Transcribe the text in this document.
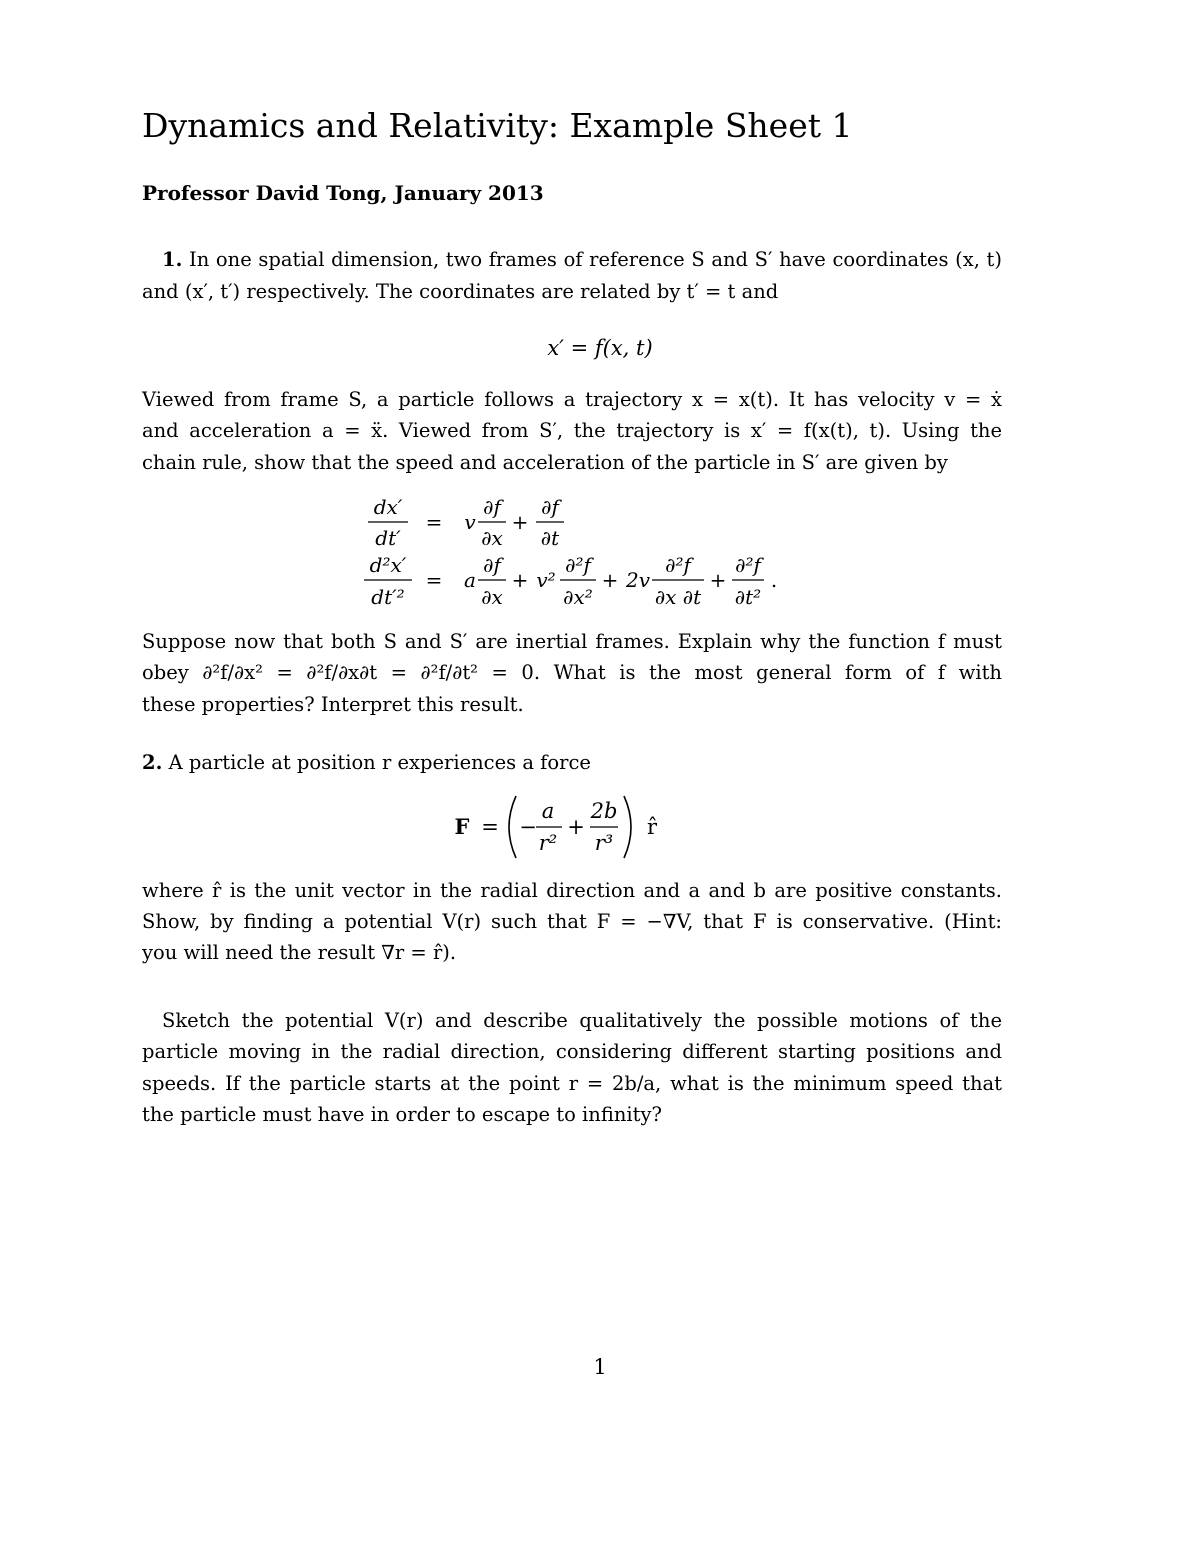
Dynamics and Relativity: Example Sheet 1
Professor David Tong, January 2013
1. In one spatial dimension, two frames of reference S and S′ have coordinates (x, t)
and (x′, t′) respectively. The coordinates are related by t′ = t and
x′ = f(x, t)
Viewed from frame S, a particle follows a trajectory x = x(t). It has velocity v = ẋ
and acceleration a = ẍ. Viewed from S′, the trajectory is x′ = f(x(t), t). Using the
chain rule, show that the speed and acceleration of the particle in S′ are given by
dx′
dt′
= v
∂f
∂x
+
∂f
∂t
d²x′
dt′²
= a
∂f
∂x
+ v²
∂²f
∂x²
+ 2v
∂²f
∂x ∂t
+
∂²f
∂t²
.
Suppose now that both S and S′ are inertial frames. Explain why the function f must
obey ∂²f/∂x² = ∂²f/∂x∂t = ∂²f/∂t² = 0. What is the most general form of f with
these properties? Interpret this result.
2. A particle at position r experiences a force
F = −
a
r²
+
2b
r³
r̂
where r̂ is the unit vector in the radial direction and a and b are positive constants.
Show, by finding a potential V(r) such that F = −∇V, that F is conservative. (Hint:
you will need the result ∇r = r̂).
Sketch the potential V(r) and describe qualitatively the possible motions of the
particle moving in the radial direction, considering different starting positions and
speeds. If the particle starts at the point r = 2b/a, what is the minimum speed that
the particle must have in order to escape to infinity?
1
